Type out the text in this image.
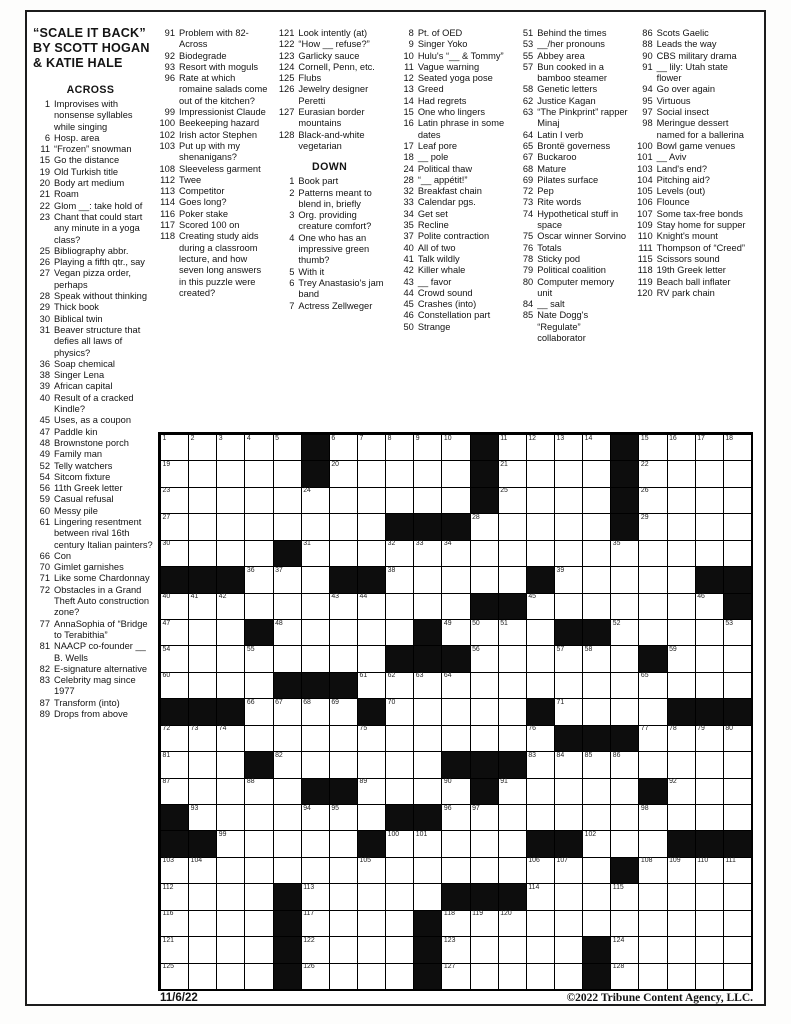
“SCALE IT BACK”
BY SCOTT HOGAN
& KATIE HALE
ACROSS
1 Improvises with nonsense syllables while singing
6 Hosp. area
11 “Frozen” snowman
15 Go the distance
19 Old Turkish title
20 Body art medium
21 Roam
22 Glom __: take hold of
23 Chant that could start any minute in a yoga class?
25 Bibliography abbr.
26 Playing a fifth qtr., say
27 Vegan pizza order, perhaps
28 Speak without thinking
29 Thick book
30 Biblical twin
31 Beaver structure that defies all laws of physics?
36 Soap chemical
38 Singer Lena
39 African capital
40 Result of a cracked Kindle?
45 Uses, as a coupon
47 Paddle kin
48 Brownstone porch
49 Family man
52 Telly watchers
54 Sitcom fixture
56 11th Greek letter
59 Casual refusal
60 Messy pile
61 Lingering resentment between rival 16th century Italian painters?
66 Con
70 Gimlet garnishes
71 Like some Chardonnay
72 Obstacles in a Grand Theft Auto construction zone?
77 AnnaSophia of “Bridge to Terabithia”
81 NAACP co-founder __ B. Wells
82 E-signature alternative
83 Celebrity mag since 1977
87 Transform (into)
89 Drops from above
91 Problem with 82-Across
92 Biodegrade
93 Resort with moguls
96 Rate at which romaine salads come out of the kitchen?
99 Impressionist Claude
100 Beekeeping hazard
102 Irish actor Stephen
103 Put up with my shenanigans?
108 Sleeveless garment
112 Twee
113 Competitor
114 Goes long?
116 Poker stake
117 Scored 100 on
118 Creating study aids during a classroom lecture, and how seven long answers in this puzzle were created?
121 Look intently (at)
122 “How __ refuse?”
123 Garlicky sauce
124 Cornell, Penn, etc.
125 Flubs
126 Jewelry designer Peretti
127 Eurasian border mountains
128 Black-and-white vegetarian
DOWN
1 Book part
2 Patterns meant to blend in, briefly
3 Org. providing creature comfort?
4 One who has an impressive green thumb?
5 With it
6 Trey Anastasio's jam band
7 Actress Zellweger
8 Pt. of OED
9 Singer Yoko
10 Hulu's “__ & Tommy”
11 Vague warning
12 Seated yoga pose
13 Greed
14 Had regrets
15 One who lingers
16 Latin phrase in some dates
17 Leaf pore
18 __ pole
24 Political thaw
28 “__ appétit!”
32 Breakfast chain
33 Calendar pgs.
34 Get set
35 Recline
37 Polite contraction
40 All of two
41 Talk wildly
42 Killer whale
43 __ favor
44 Crowd sound
45 Crashes (into)
46 Constellation part
50 Strange
51 Behind the times
53 __/her pronouns
55 Abbey area
57 Bun cooked in a bamboo steamer
58 Genetic letters
62 Justice Kagan
63 “The Pinkprint” rapper Minaj
64 Latin I verb
65 Brontë governess
67 Buckaroo
68 Mature
69 Pilates surface
72 Pep
73 Rite words
74 Hypothetical stuff in space
75 Oscar winner Sorvino
76 Totals
78 Sticky pod
79 Political coalition
80 Computer memory unit
84 __ salt
85 Nate Dogg's “Regulate” collaborator
86 Scots Gaelic
88 Leads the way
90 CBS military drama
91 __ lily: Utah state flower
94 Go over again
95 Virtuous
97 Social insect
98 Meringue dessert named for a ballerina
100 Bowl game venues
101 __ Aviv
103 Land's end?
104 Pitching aid?
105 Levels (out)
106 Flounce
107 Some tax-free bonds
109 Stay home for supper
110 Knight's mount
111 Thompson of “Creed”
115 Scissors sound
118 19th Greek letter
119 Beach ball inflater
120 RV park chain
1	2	3	4	5	6	7	8	9	10	11	12	13	14	15	16	17	18
19	20	21	22
23	24	25	26
27	28	29
30	31	32	33	34	35
36	37	38	39
40	41	42	43	44	45	46
47	48	49	50	51	52	53
54	55	56	57	58	59
60	61	62	63	64	65
66	67	68	69	70	71
72	73	74	75	76	77	78	79	80
81	82	83	84	85	86
87	88	89	90	91	92
93	94	95	96	97	98
99	100 101	102
103 104	105	106 107	108 109 110 111
112	113	114	115
116	117	118 119 120
121	122	123	124
125	126	127	128
11/6/22	©2022 Tribune Content Agency, LLC.
